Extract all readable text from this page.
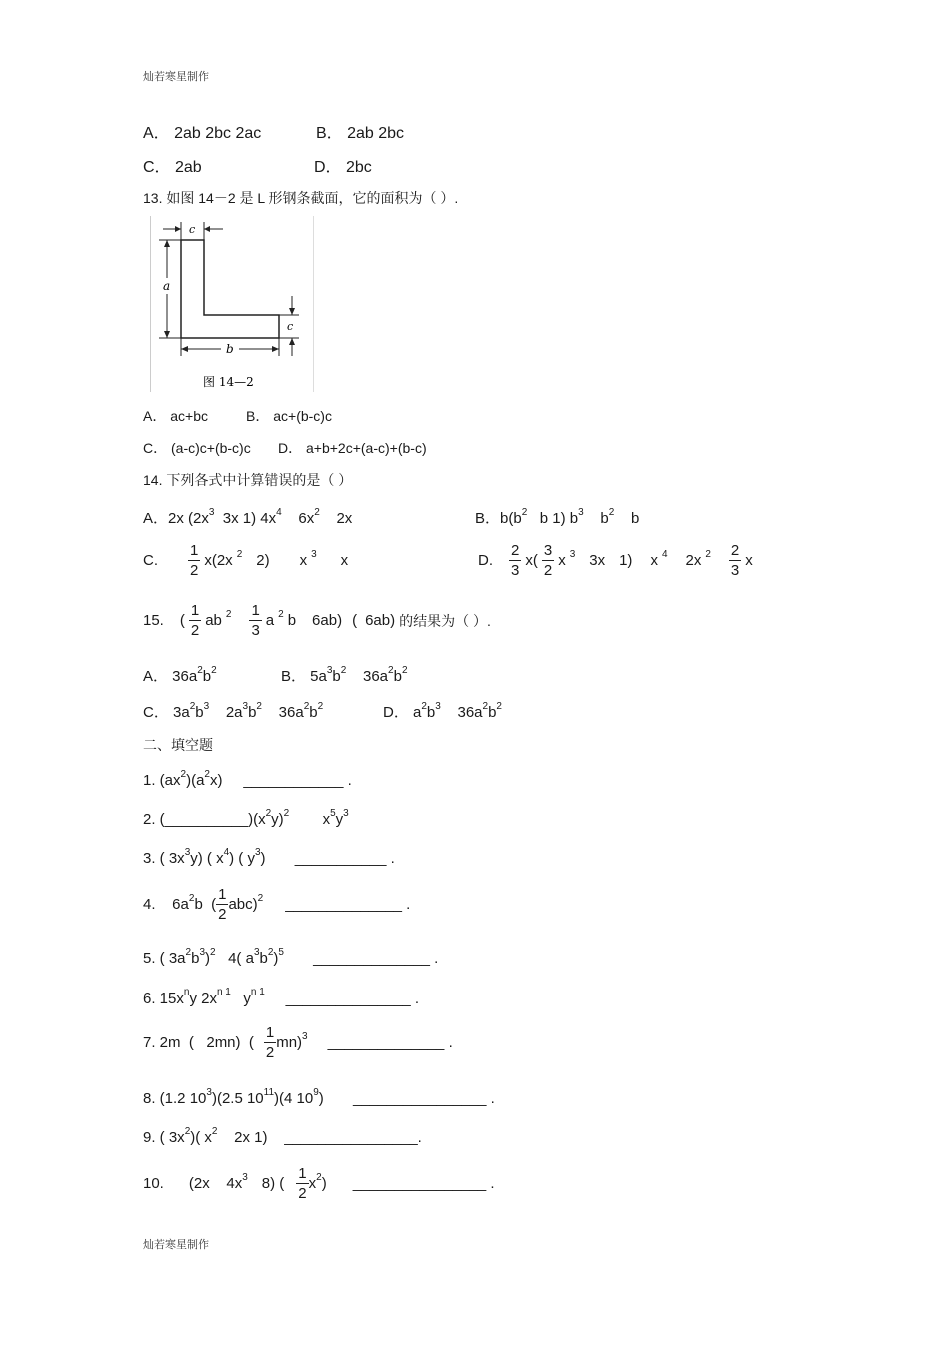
灿若寒星制作
A． 2ab 2bc 2ac	B． 2ab 2bc
C． 2ab	D． 2bc
13. 如图 14－2 是 L 形钢条截面，它的面积为（ ）.
c
a
c
b
图 14—2
A． ac+bc	B． ac+(b-c)c
C． (a-c)c+(b-c)c D． a+b+2c+(a-c)+(b-c)
14. 下列各式中计算错误的是（ ）
A．2x ($2x^3$ 3x 1) $4x^4$ $6x^2$ 2x	B．$b(b^2$ b 1) $b^3$ $b^2$ b
C. $\frac{1}{2} x(2x$ 2 2) x 3 x	D. $\frac{2}{3} x( \frac{3}{2}$ x 3 3x 1) x 4 2x $2 \frac{2}{3}$ x
15. ( $\frac{1}{2}$ ab $2 \frac{1}{3}$ a 2 b 6ab) ( 6ab) 的结果为（ ）.
A． $36a^2b^2$	B． $5a^3b^2$ $36a^2b^2$
C． $3a^2b^3$ $2a^3b^2$ $36a^2b^2$	D． $a^2b^3$ $36a^2b^2$
二、填空题
1. $(ax^2)(a^2x)$ ____________ .
2. $(\_\_\_\_\_\_\_\_\_\_)(x^2y)^2$ $x^5y^3$
3. ( $3x^3y$) ( $x^4$) ( $y^3$) ___________ .
4.    6a 2 b  ( $\frac{1}{2} abc$) 2 ______________ .
5. ( $3a^2b^3)^2$ 4( $a^3b^2)^5$ ______________ .
6. $15x^ny$ $2x^{n 1}$ $y^{n 1}$ _______________ .
7. 2m  (   2mn)  ( $\frac{1}{2} mn$) 3 ______________ .
8. (1.2 $10^3)(2.5$ $10^{11})(4$ $10^9$) ________________ .
9. ( $3x^2$)( $x^2$ 2x 1) ________________.
10.      (2x    4x 3 8) ( $\frac{1}{2}$ x 2 ) ________________ .
灿若寒星制作
